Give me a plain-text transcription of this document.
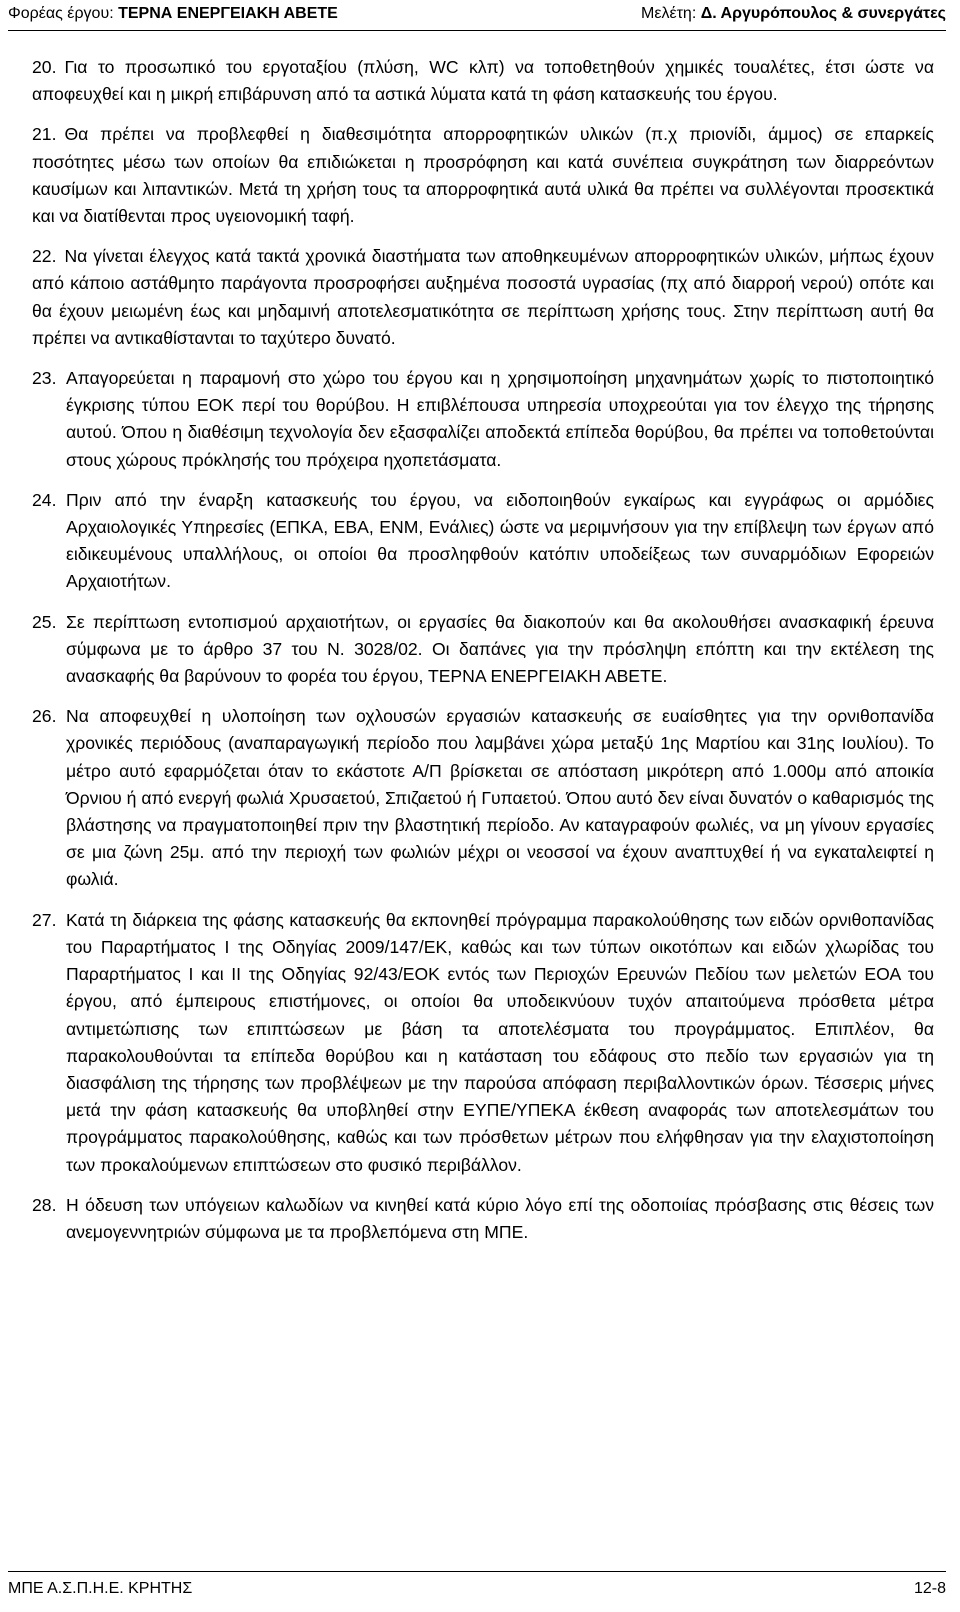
Φορέας έργου: ΤΕΡΝΑ ΕΝΕΡΓΕΙΑΚΗ ΑΒΕΤΕ	Μελέτη: Δ. Αργυρόπουλος & συνεργάτες

20. Για το προσωπικό του εργοταξίου (πλύση, WC κλπ) να τοποθετηθούν χημικές τουαλέτες, έτσι ώστε να αποφευχθεί και η μικρή επιβάρυνση από τα αστικά λύματα κατά τη φάση κατασκευής του έργου.

21. Θα πρέπει να προβλεφθεί η διαθεσιμότητα απορροφητικών υλικών (π.χ πριονίδι, άμμος) σε επαρκείς ποσότητες μέσω των οποίων θα επιδιώκεται η προσρόφηση και κατά συνέπεια συγκράτηση των διαρρεόντων καυσίμων και λιπαντικών. Μετά τη χρήση τους τα απορροφητικά αυτά υλικά θα πρέπει να συλλέγονται προσεκτικά και να διατίθενται προς υγειονομική ταφή.

22. Να γίνεται έλεγχος κατά τακτά χρονικά διαστήματα των αποθηκευμένων απορροφητικών υλικών, μήπως έχουν από κάποιο αστάθμητο παράγοντα προσροφήσει αυξημένα ποσοστά υγρασίας (πχ από διαρροή νερού) οπότε και θα έχουν μειωμένη έως και μηδαμινή αποτελεσματικότητα σε περίπτωση χρήσης τους. Στην περίπτωση αυτή θα πρέπει να αντικαθίστανται το ταχύτερο δυνατό.

23. Απαγορεύεται η παραμονή στο χώρο του έργου και η χρησιμοποίηση μηχανημάτων χωρίς το πιστοποιητικό έγκρισης τύπου ΕΟΚ περί του θορύβου. Η επιβλέπουσα υπηρεσία υποχρεούται για τον έλεγχο της τήρησης αυτού. Όπου η διαθέσιμη τεχνολογία δεν εξασφαλίζει αποδεκτά επίπεδα θορύβου, θα πρέπει να τοποθετούνται στους χώρους πρόκλησής του πρόχειρα ηχοπετάσματα.

24. Πριν από την έναρξη κατασκευής του έργου, να ειδοποιηθούν εγκαίρως και εγγράφως οι αρμόδιες Αρχαιολογικές Υπηρεσίες (ΕΠΚΑ, ΕΒΑ, ΕΝΜ, Ενάλιες) ώστε να μεριμνήσουν για την επίβλεψη των έργων από ειδικευμένους υπαλλήλους, οι οποίοι θα προσληφθούν κατόπιν υποδείξεως των συναρμόδιων Εφορειών Αρχαιοτήτων.

25. Σε περίπτωση εντοπισμού αρχαιοτήτων, οι εργασίες θα διακοπούν και θα ακολουθήσει ανασκαφική έρευνα σύμφωνα με το άρθρο 37 του Ν. 3028/02. Οι δαπάνες για την πρόσληψη επόπτη και την εκτέλεση της ανασκαφής θα βαρύνουν το φορέα του έργου, ΤΕΡΝΑ ΕΝΕΡΓΕΙΑΚΗ ΑΒΕΤΕ.

26. Να αποφευχθεί η υλοποίηση των οχλουσών εργασιών κατασκευής σε ευαίσθητες για την ορνιθοπανίδα χρονικές περιόδους (αναπαραγωγική περίοδο που λαμβάνει χώρα μεταξύ 1ης Μαρτίου και 31ης Ιουλίου). Το μέτρο αυτό εφαρμόζεται όταν το εκάστοτε Α/Π βρίσκεται σε απόσταση μικρότερη από 1.000μ από αποικία Όρνιου ή από ενεργή φωλιά Χρυσαετού, Σπιζαετού ή Γυπαετού. Όπου αυτό δεν είναι δυνατόν ο καθαρισμός της βλάστησης να πραγματοποιηθεί πριν την βλαστητική περίοδο. Αν καταγραφούν φωλιές, να μη γίνουν εργασίες σε μια ζώνη 25μ. από την περιοχή των φωλιών μέχρι οι νεοσσοί να έχουν αναπτυχθεί ή να εγκαταλειφτεί η φωλιά.

27. Κατά τη διάρκεια της φάσης κατασκευής θα εκπονηθεί πρόγραμμα παρακολούθησης των ειδών ορνιθοπανίδας του Παραρτήματος Ι της Οδηγίας 2009/147/ΕΚ, καθώς και των τύπων οικοτόπων και ειδών χλωρίδας του Παραρτήματος Ι και ΙΙ της Οδηγίας 92/43/ΕΟΚ εντός των Περιοχών Ερευνών Πεδίου των μελετών ΕΟΑ του έργου, από έμπειρους επιστήμονες, οι οποίοι θα υποδεικνύουν τυχόν απαιτούμενα πρόσθετα μέτρα αντιμετώπισης των επιπτώσεων με βάση τα αποτελέσματα του προγράμματος. Επιπλέον, θα παρακολουθούνται τα επίπεδα θορύβου και η κατάσταση του εδάφους στο πεδίο των εργασιών για τη διασφάλιση της τήρησης των προβλέψεων με την παρούσα απόφαση περιβαλλοντικών όρων. Τέσσερις μήνες μετά την φάση κατασκευής θα υποβληθεί στην ΕΥΠΕ/ΥΠΕΚΑ έκθεση αναφοράς των αποτελεσμάτων του προγράμματος παρακολούθησης, καθώς και των πρόσθετων μέτρων που ελήφθησαν για την ελαχιστοποίηση των προκαλούμενων επιπτώσεων στο φυσικό περιβάλλον.

28. Η όδευση των υπόγειων καλωδίων να κινηθεί κατά κύριο λόγο επί της οδοποιίας πρόσβασης στις θέσεις των ανεμογεννητριών σύμφωνα με τα προβλεπόμενα στη ΜΠΕ.

ΜΠΕ Α.Σ.Π.Η.Ε. ΚΡΗΤΗΣ	12-8
